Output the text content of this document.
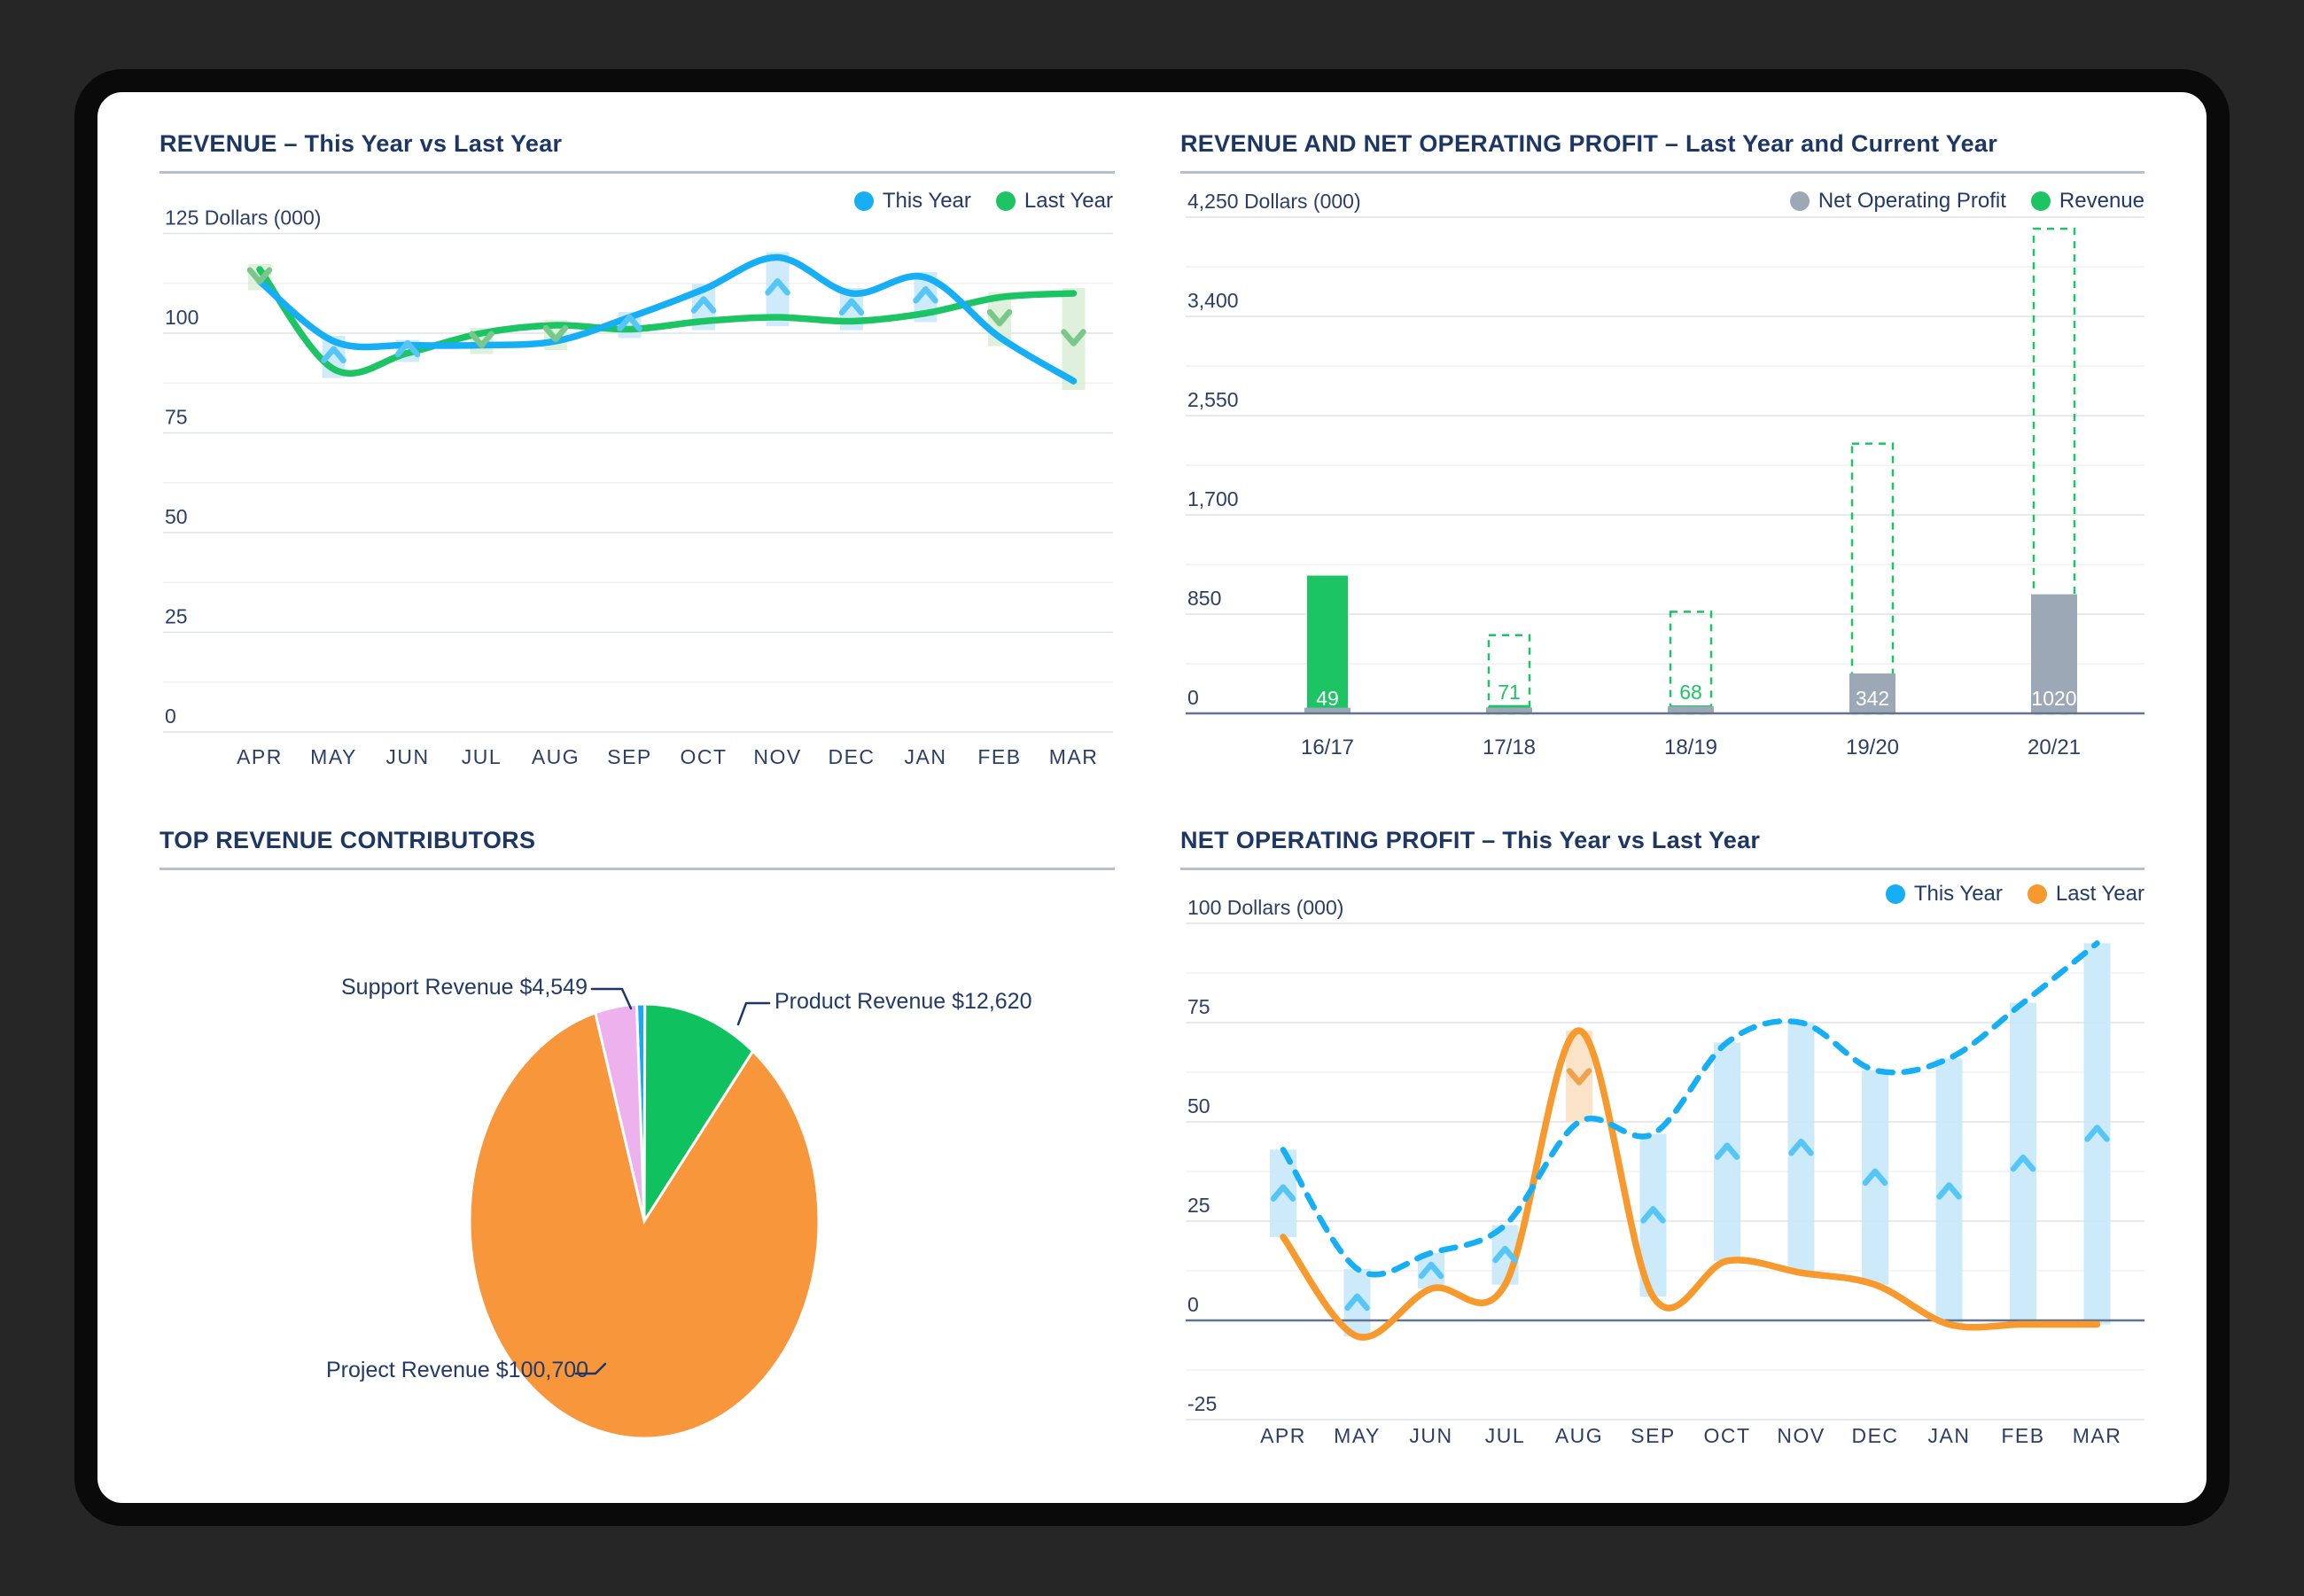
125 Dollars (000)
100
75
50
25
0
APR MAY JUN JUL AUG SEP OCT NOV DEC JAN FEB MAR
4,250 Dollars (000)
3,400
2,550
1,700
850
0
16/17
49
17/18
71
18/19
68
19/20
342
20/21
1020
100 Dollars (000)
75
50
25
0
-25
APR MAY JUN JUL AUG SEP OCT NOV DEC JAN FEB MAR
REVENUE – This Year vs Last Year	REVENUE AND NET OPERATING PROFIT – Last Year and Current Year
TOP REVENUE CONTRIBUTORS	NET OPERATING PROFIT – This Year vs Last Year
This Year	Last Year	Net Operating Profit	Revenue
This Year	Last Year
Support Revenue $4,549
Product Revenue $12,620
Project Revenue $100,700
